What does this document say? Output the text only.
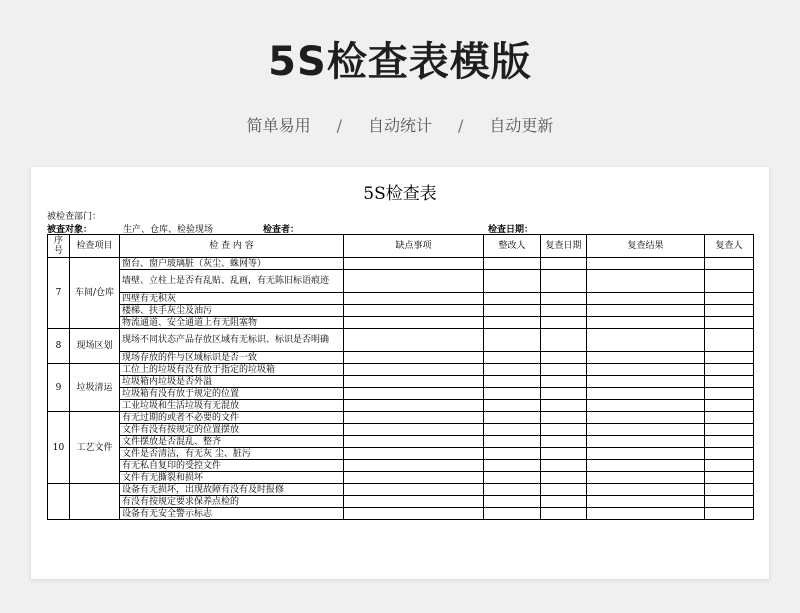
5S检查表模版
简单易用 / 自动统计 / 自动更新
5S检查表
被检查部门：
被查对象：	生产、仓库、检验现场	检查者：	检查日期：
序号	检查项目	检 查 内 容	缺点事项	整改人	复查日期	复查结果	复查人
7	车间/仓库	窗台、窗户玻璃脏（灰尘、蛛网等）					
		墙壁、立柱上是否有乱贴、乱画，有无陈旧标语痕迹					
		四壁有无积灰					
		楼梯、扶手灰尘及油污					
		物流通道、安全通道上有无阻塞物					
8	现场区划	现场不同状态产品存放区域有无标识、标识是否明确					
		现场存放的件与区域标识是否一致					
9	垃圾清运	工位上的垃圾有没有放于指定的垃圾箱					
		垃圾箱内垃圾是否外溢					
		垃圾箱有没有放于规定的位置					
		工业垃圾和生活垃圾有无混放					
10	工艺文件	有无过期的或者不必要的文件					
		文件有没有按规定的位置摆放					
		文件摆放是否混乱、整齐					
		文件是否清洁，有无灰 尘、脏污					
		有无私自复印的受控文件					
		文件有无撕裂和损坏					
		设备有无损坏，出现故障有没有及时报修					
		有没有按规定要求保养点检的					
		设备有无安全警示标志					
